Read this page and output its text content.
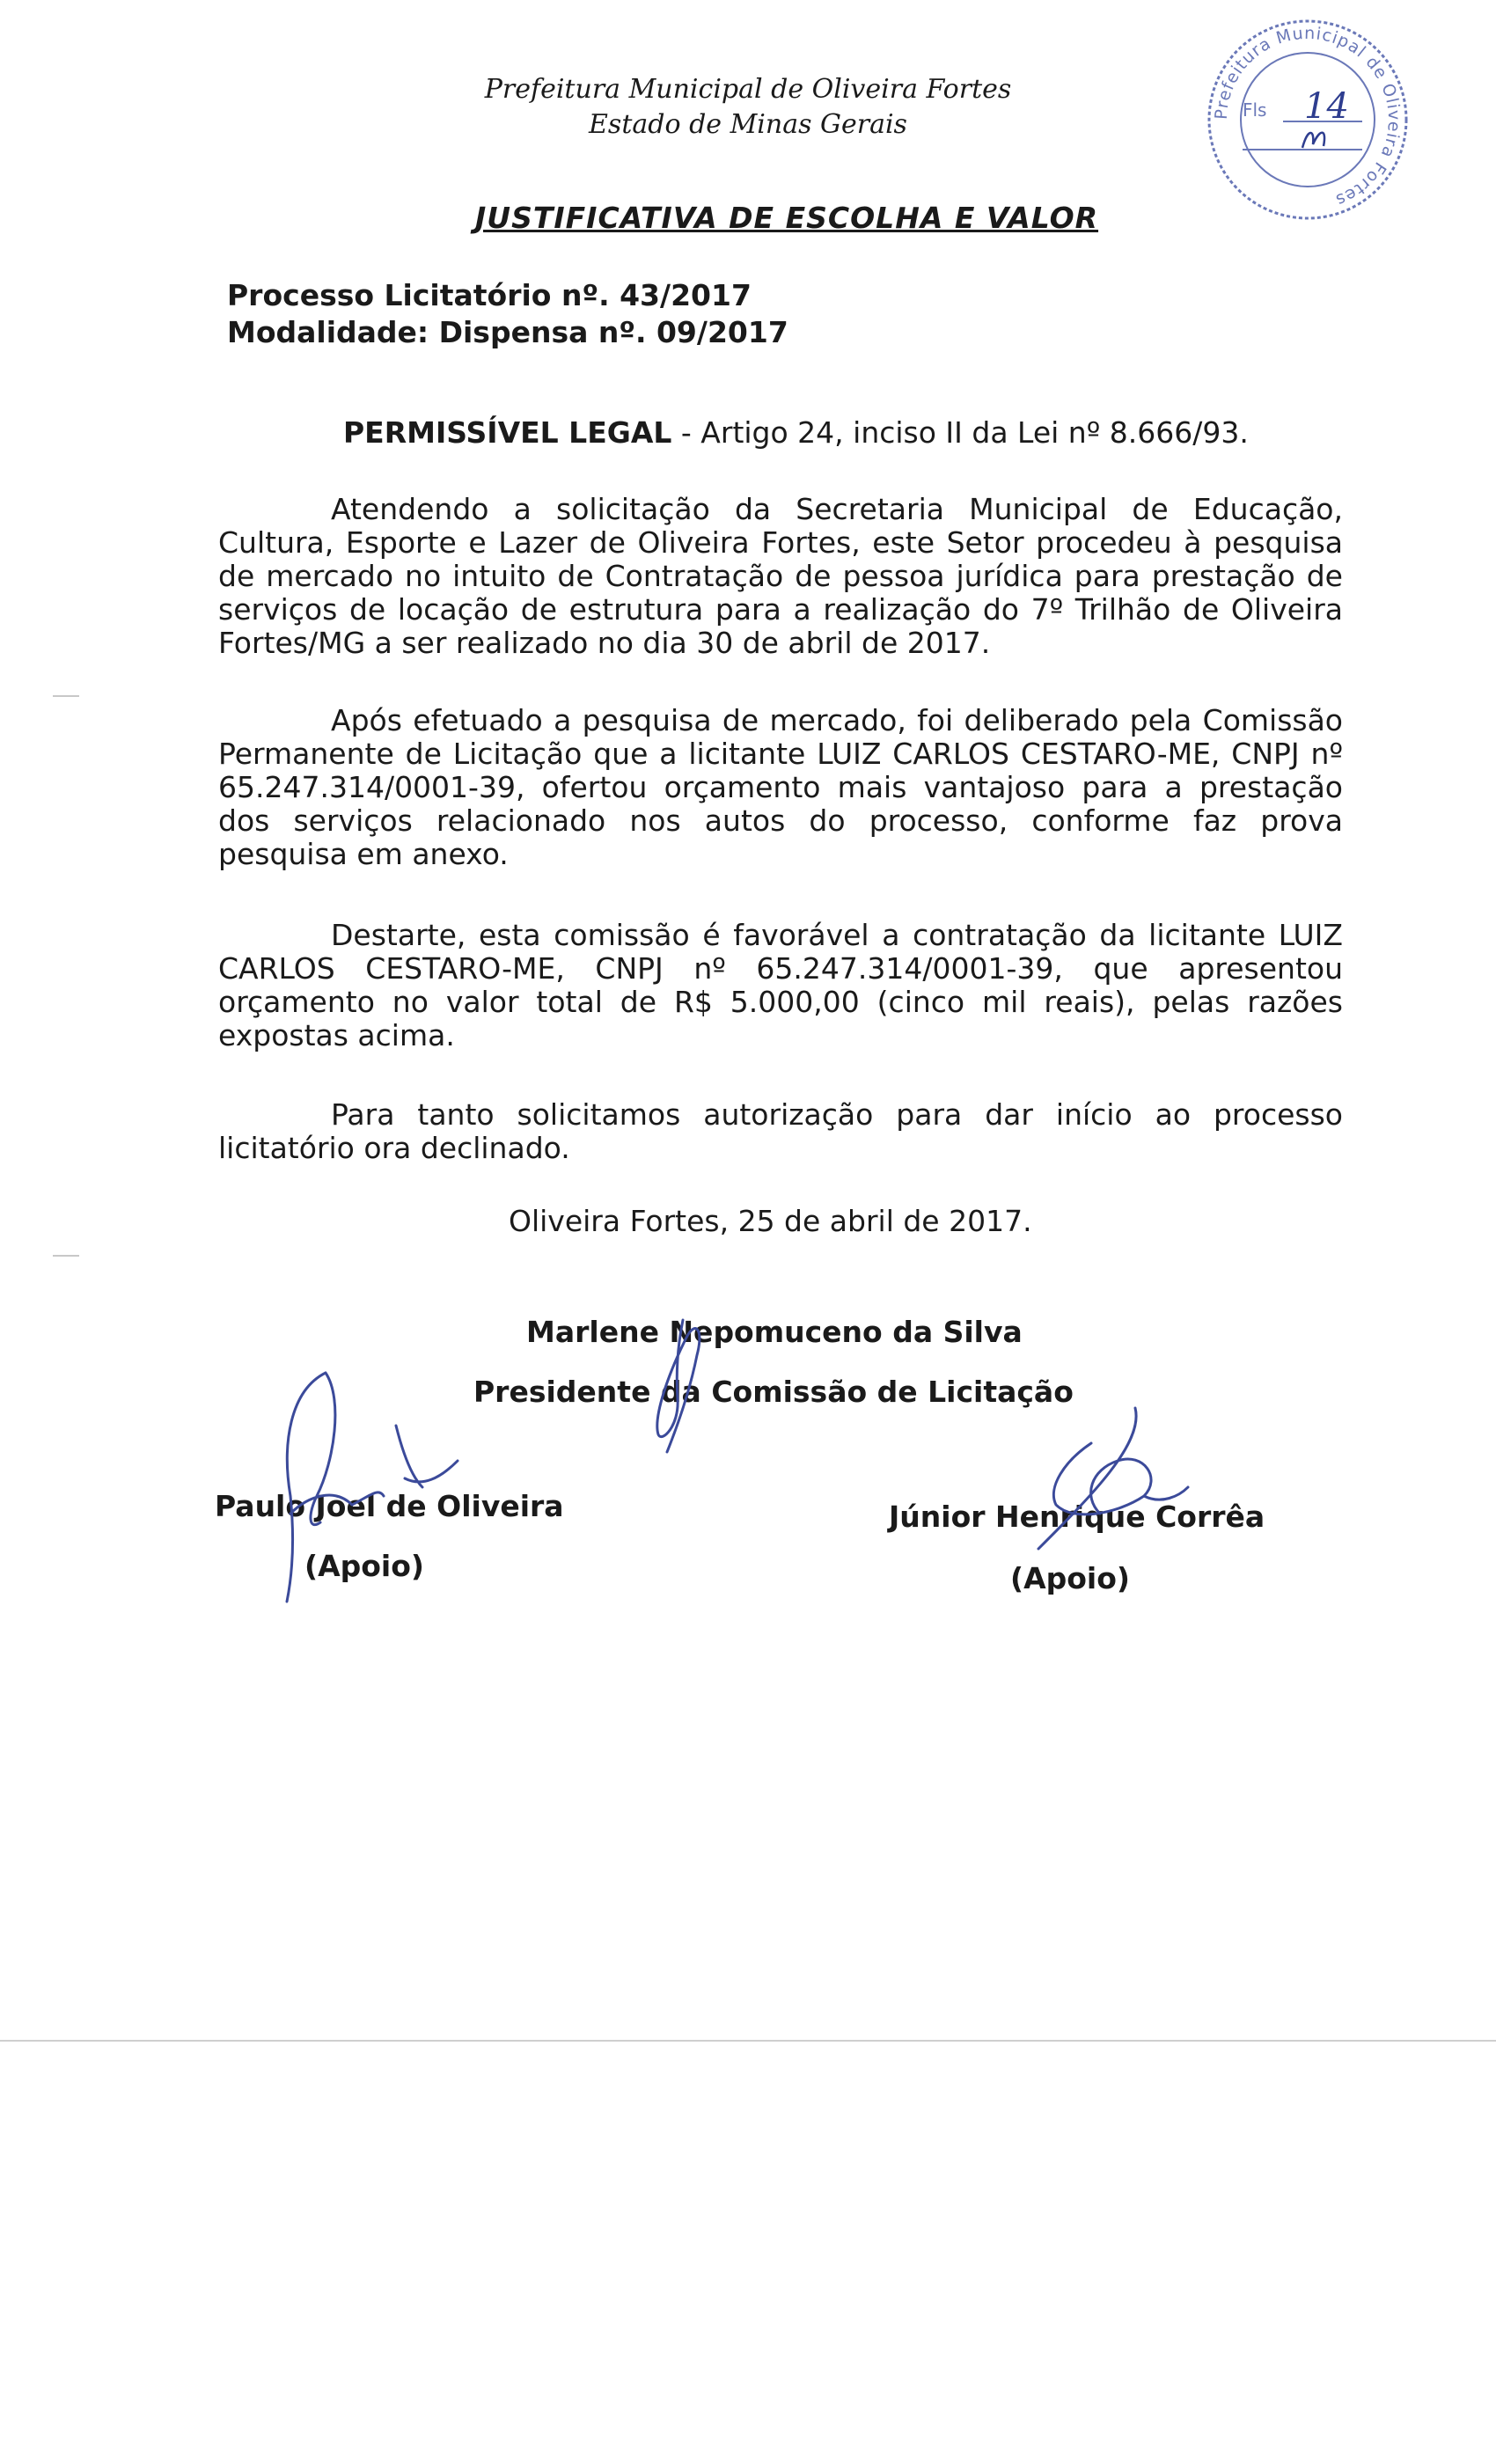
Prefeitura Municipal de Oliveira Fortes
Estado de Minas Gerais	Prefeitura Municipal de Oliveira Fortes
Fls 14
JUSTIFICATIVA DE ESCOLHA E VALOR
Processo Licitatório nº. 43/2017
Modalidade: Dispensa nº. 09/2017
PERMISSÍVEL LEGAL - Artigo 24, inciso II da Lei nº 8.666/93.
Atendendo a solicitação da Secretaria Municipal de Educação, Cultura, Esporte e Lazer de Oliveira Fortes, este Setor procedeu à pesquisa de mercado no intuito de Contratação de pessoa jurídica para prestação de serviços de locação de estrutura para a realização do 7º Trilhão de Oliveira Fortes/MG a ser realizado no dia 30 de abril de 2017.
Após efetuado a pesquisa de mercado, foi deliberado pela Comissão Permanente de Licitação que a licitante LUIZ CARLOS CESTARO-ME, CNPJ nº 65.247.314/0001-39, ofertou orçamento mais vantajoso para a prestação dos serviços relacionado nos autos do processo, conforme faz prova pesquisa em anexo.
Destarte, esta comissão é favorável a contratação da licitante LUIZ CARLOS CESTARO-ME, CNPJ nº 65.247.314/0001-39, que apresentou orçamento no valor total de R$ 5.000,00 (cinco mil reais), pelas razões expostas acima.
Para tanto solicitamos autorização para dar início ao processo licitatório ora declinado.
Oliveira Fortes, 25 de abril de 2017.
Marlene Nepomuceno da Silva
Presidente da Comissão de Licitação
Paulo Joel de Oliveira
(Apoio)
Júnior Henrique Corrêa
(Apoio)
